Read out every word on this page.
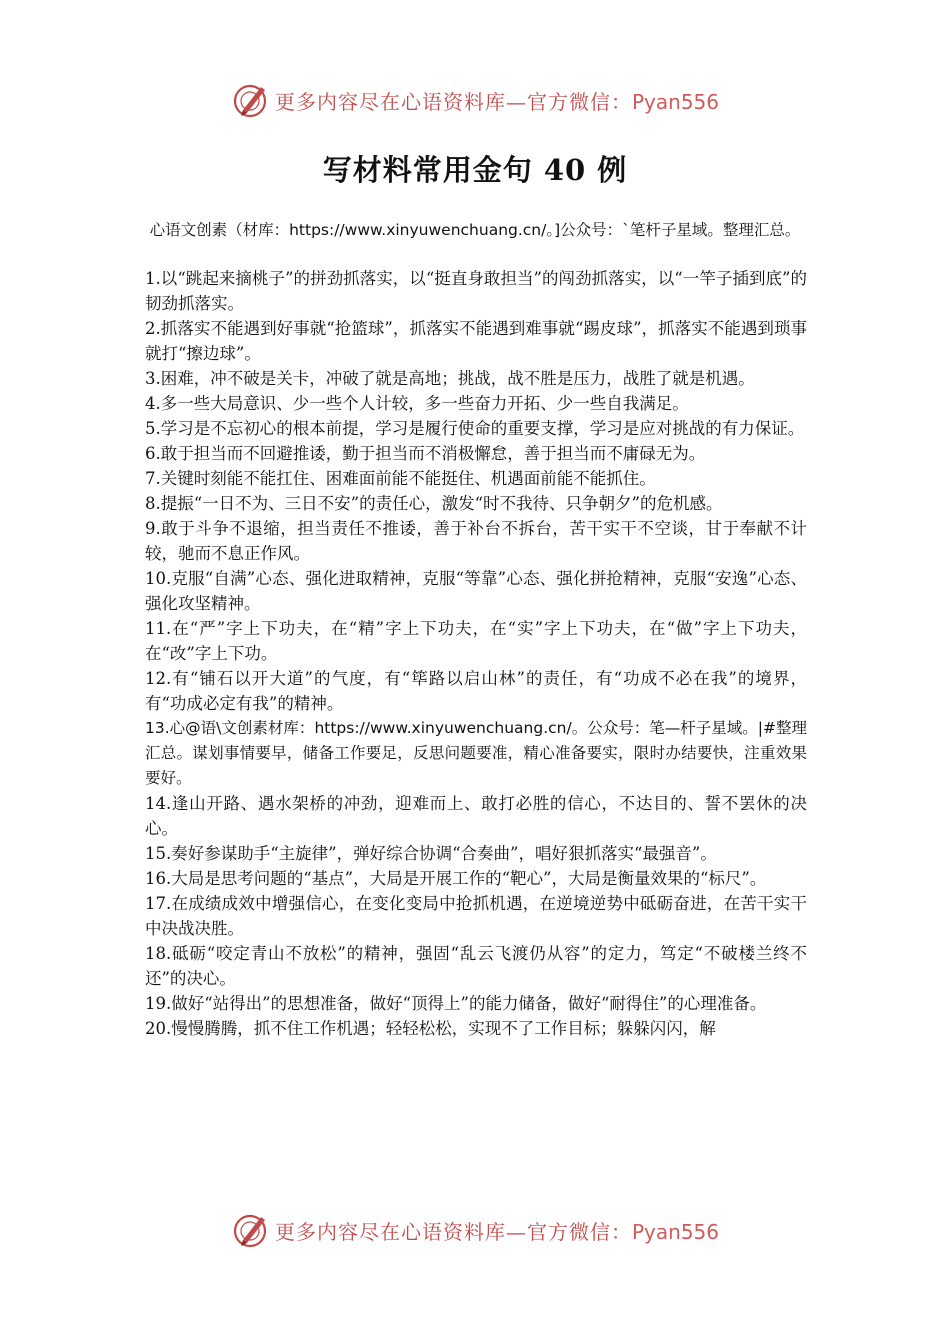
更多内容尽在心语资料库—官方微信：Pyan556
写材料常用金句 40 例
心语文创素（材库：https://www.xinyuwenchuang.cn/。]公众号：`笔杆子星域。整理汇总。

1.以“跳起来摘桃子”的拼劲抓落实，以“挺直身敢担当”的闯劲抓落实，以“一竿子插到底”的韧劲抓落实。

2.抓落实不能遇到好事就“抢篮球”，抓落实不能遇到难事就“踢皮球”，抓落实不能遇到琐事就打“擦边球”。

3.困难，冲不破是关卡，冲破了就是高地；挑战，战不胜是压力，战胜了就是机遇。

4.多一些大局意识、少一些个人计较，多一些奋力开拓、少一些自我满足。

5.学习是不忘初心的根本前提，学习是履行使命的重要支撑，学习是应对挑战的有力保证。

6.敢于担当而不回避推诿，勤于担当而不消极懈怠，善于担当而不庸碌无为。

7.关键时刻能不能扛住、困难面前能不能挺住、机遇面前能不能抓住。

8.提振“一日不为、三日不安”的责任心，激发“时不我待、只争朝夕”的危机感。

9.敢于斗争不退缩，担当责任不推诿，善于补台不拆台，苦干实干不空谈，甘于奉献不计较，驰而不息正作风。

10.克服“自满”心态、强化进取精神，克服“等靠”心态、强化拼抢精神，克服“安逸”心态、强化攻坚精神。

11.在“严”字上下功夫，在“精”字上下功夫，在“实”字上下功夫，在“做”字上下功夫，在“改”字上下功。

12.有“铺石以开大道”的气度，有“筚路以启山林”的责任，有“功成不必在我”的境界，有“功成必定有我”的精神。

13.心@语\文创素材库：https://www.xinyuwenchuang.cn/。公众号：笔—杆子星域。|#整理汇总。谋划事情要早，储备工作要足，反思问题要准，精心准备要实，限时办结要快，注重效果要好。

14.逢山开路、遇水架桥的冲劲，迎难而上、敢打必胜的信心，不达目的、誓不罢休的决心。

15.奏好参谋助手“主旋律”，弹好综合协调“合奏曲”，唱好狠抓落实“最强音”。

16.大局是思考问题的“基点”，大局是开展工作的“靶心”，大局是衡量效果的“标尺”。

17.在成绩成效中增强信心，在变化变局中抢抓机遇，在逆境逆势中砥砺奋进，在苦干实干中决战决胜。

18.砥砺“咬定青山不放松”的精神，强固“乱云飞渡仍从容”的定力，笃定“不破楼兰终不还”的决心。

19.做好“站得出”的思想准备，做好“顶得上”的能力储备，做好“耐得住”的心理准备。

20.慢慢腾腾，抓不住工作机遇；轻轻松松，实现不了工作目标；躲躲闪闪，解

更多内容尽在心语资料库—官方微信：Pyan556
